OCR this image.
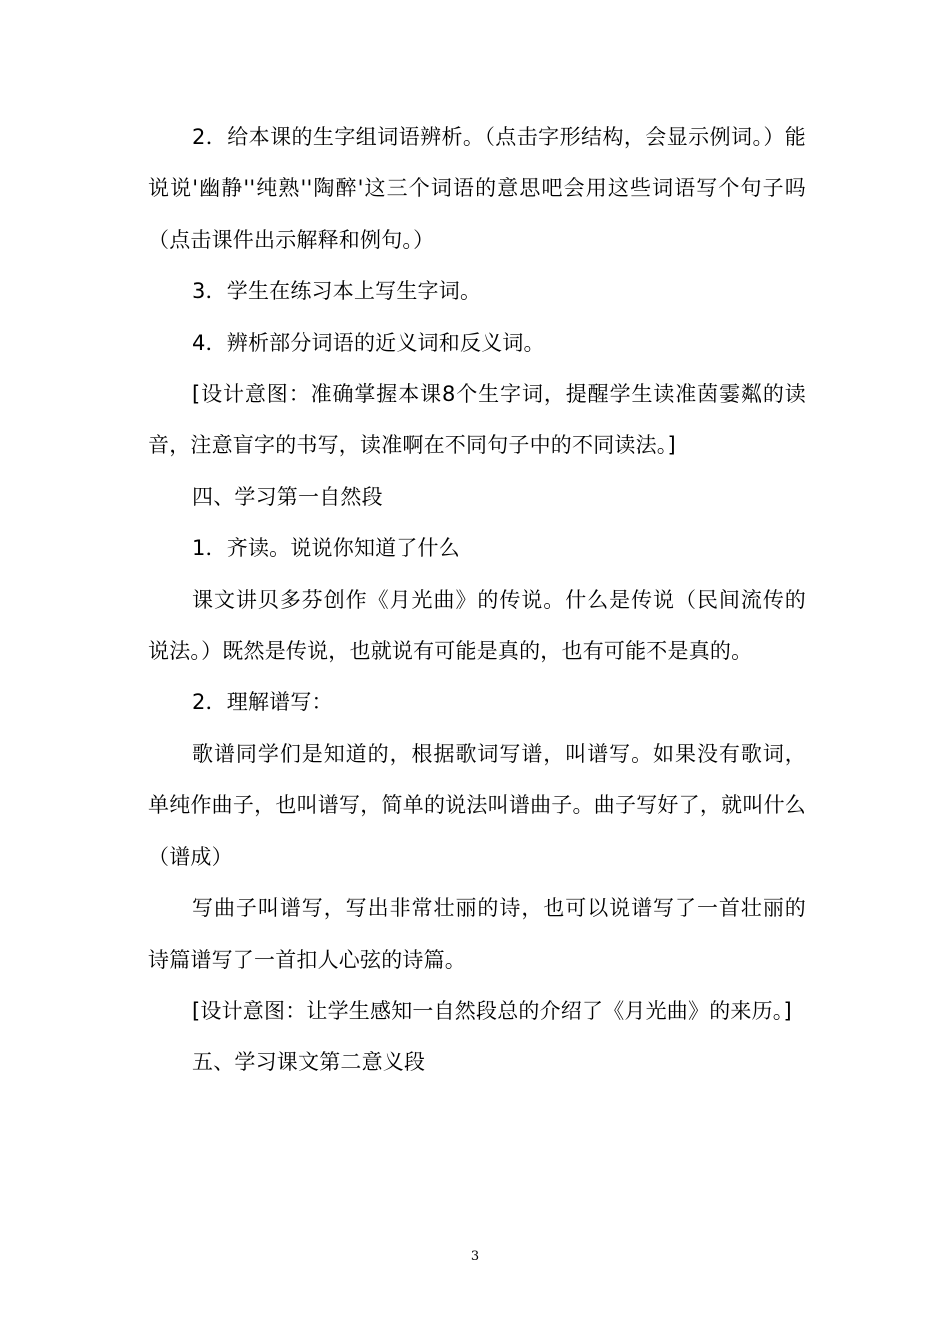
2．给本课的生字组词语辨析。（点击字形结构，会显示例词。）能说说'幽静''纯熟''陶醉'这三个词语的意思吧会用这些词语写个句子吗（点击课件出示解释和例句。）

3．学生在练习本上写生字词。

4．辨析部分词语的近义词和反义词。

[设计意图：准确掌握本课8个生字词，提醒学生读准茵霎粼的读音，注意盲字的书写，读准啊在不同句子中的不同读法。]

四、学习第一自然段

1．齐读。说说你知道了什么

课文讲贝多芬创作《月光曲》的传说。什么是传说（民间流传的说法。）既然是传说，也就说有可能是真的，也有可能不是真的。

2．理解谱写：

歌谱同学们是知道的，根据歌词写谱，叫谱写。如果没有歌词，单纯作曲子，也叫谱写，简单的说法叫谱曲子。曲子写好了，就叫什么（谱成）

写曲子叫谱写，写出非常壮丽的诗，也可以说谱写了一首壮丽的诗篇谱写了一首扣人心弦的诗篇。

[设计意图：让学生感知一自然段总的介绍了《月光曲》的来历。]

五、学习课文第二意义段

3
